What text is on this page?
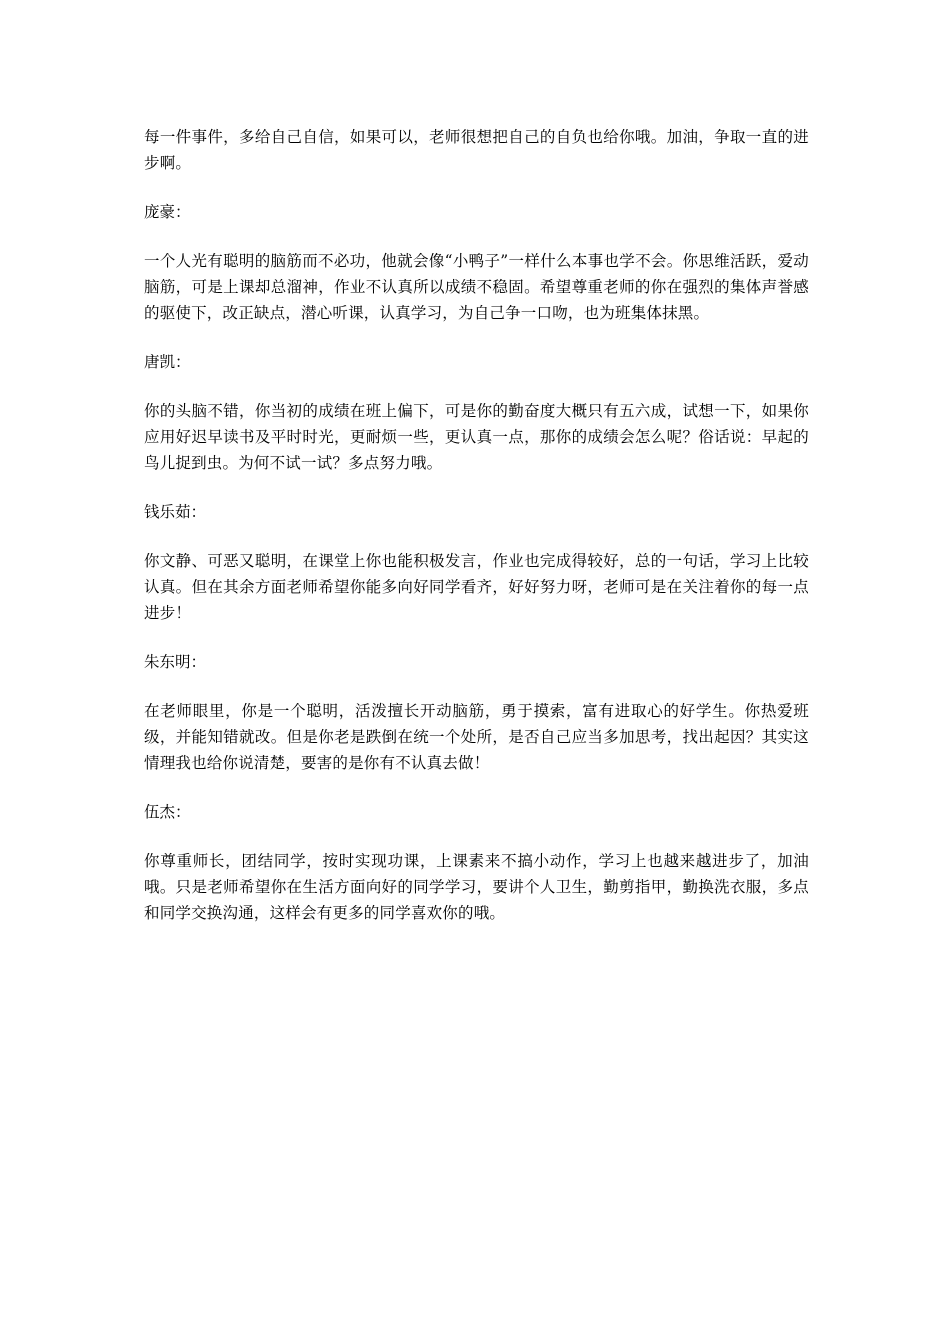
每一件事件，多给自己自信，如果可以，老师很想把自己的自负也给你哦。加油，争取一直的进步啊。

庞豪：

一个人光有聪明的脑筋而不必功，他就会像“小鸭子”一样什么本事也学不会。你思维活跃，爱动脑筋，可是上课却总溜神，作业不认真所以成绩不稳固。希望尊重老师的你在强烈的集体声誉感的驱使下，改正缺点，潜心听课，认真学习，为自己争一口吻，也为班集体抹黑。

唐凯：

你的头脑不错，你当初的成绩在班上偏下，可是你的勤奋度大概只有五六成，试想一下，如果你应用好迟早读书及平时时光，更耐烦一些，更认真一点，那你的成绩会怎么呢？俗话说：早起的鸟儿捉到虫。为何不试一试？多点努力哦。

钱乐茹：

你文静、可恶又聪明，在课堂上你也能积极发言，作业也完成得较好，总的一句话，学习上比较认真。但在其余方面老师希望你能多向好同学看齐，好好努力呀，老师可是在关注着你的每一点进步！

朱东明：

在老师眼里，你是一个聪明，活泼擅长开动脑筋，勇于摸索，富有进取心的好学生。你热爱班级，并能知错就改。但是你老是跌倒在统一个处所，是否自己应当多加思考，找出起因？其实这情理我也给你说清楚，要害的是你有不认真去做！

伍杰：

你尊重师长，团结同学，按时实现功课，上课素来不搞小动作，学习上也越来越进步了，加油哦。只是老师希望你在生活方面向好的同学学习，要讲个人卫生，勤剪指甲，勤换洗衣服，多点和同学交换沟通，这样会有更多的同学喜欢你的哦。
